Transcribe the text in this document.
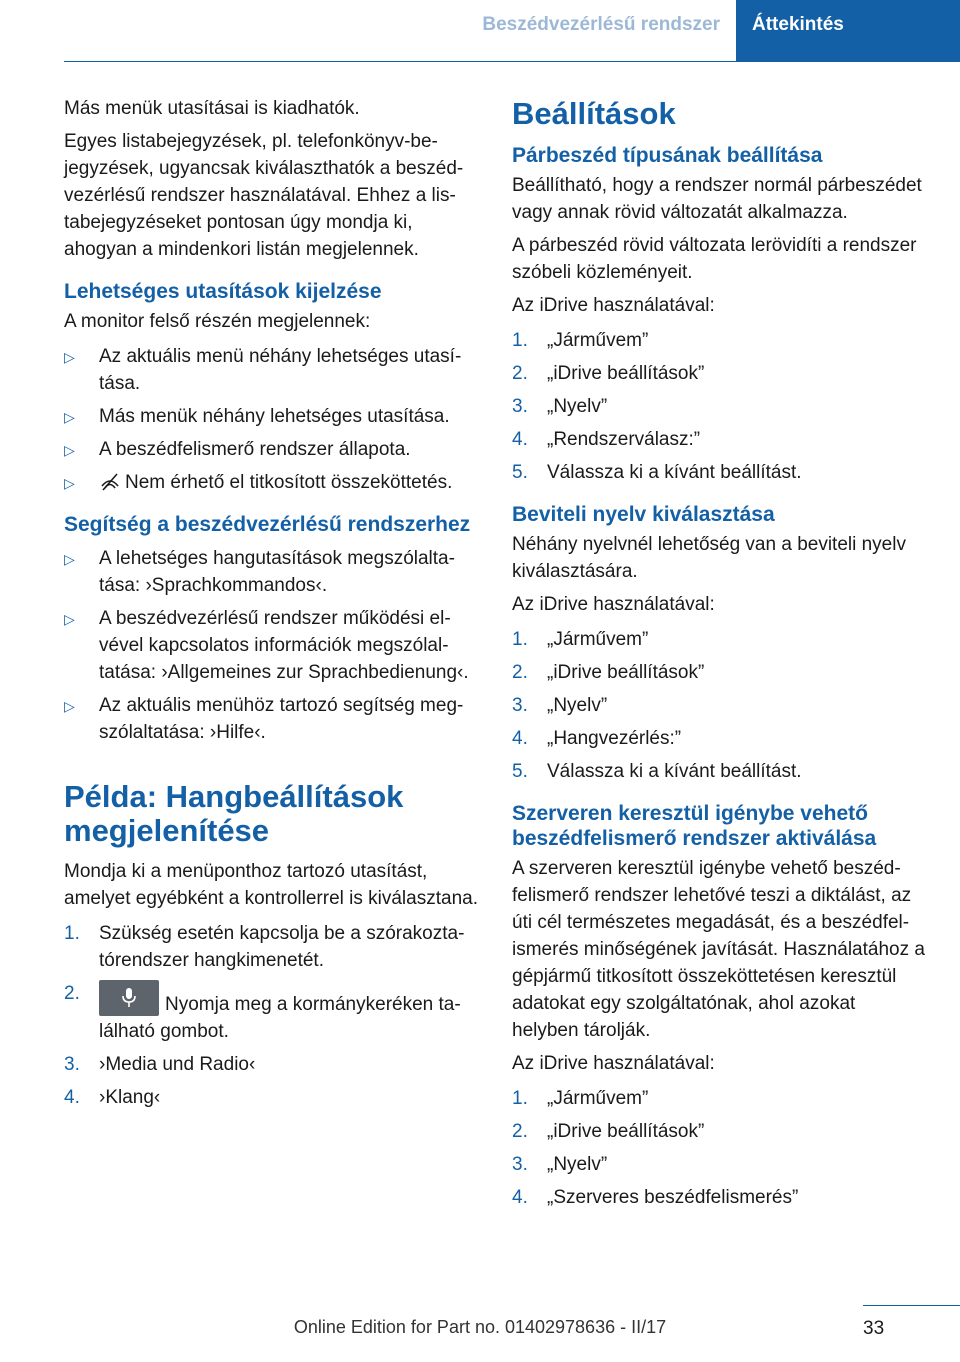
Beszédvezérlésű rendszer	Áttekintés

Más menük utasításai is kiadhatók.

Egyes listabejegyzések, pl. telefonkönyv-bejegyzések, ugyancsak kiválaszthatók a beszédvezérlésű rendszer használatával. Ehhez a listabejegyzéseket pontosan úgy mondja ki, ahogyan a mindenkori listán megjelennek.

Lehetséges utasítások kijelzése

A monitor felső részén megjelennek:

▷ Az aktuális menü néhány lehetséges utasítása.
▷ Más menük néhány lehetséges utasítása.
▷ A beszédfelismerő rendszer állapota.
▷	Nem érhető el titkosított összeköttetés.
Segítség a beszédvezérlésű rendszerhez
▷ A lehetséges hangutasítások megszólaltatása: ›Sprachkommandos‹.
▷ A beszédvezérlésű rendszer működési elvével kapcsolatos információk megszólaltatása: ›Allgemeines zur Sprachbedienung‹.
▷ Az aktuális menühöz tartozó segítség megszólaltatása: ›Hilfe‹.
Példa: Hangbeállítások megjelenítése

Mondja ki a menüponthoz tartozó utasítást, amelyet egyébként a kontrollerrel is kiválasztana.

1. Szükség esetén kapcsolja be a szórakoztatórendszer hangkimenetét.
2.
Nyomja meg a kormánykeréken található gombot.
3. ›Media und Radio‹
4. ›Klang‹
Beállítások
Párbeszéd típusának beállítása

Beállítható, hogy a rendszer normál párbeszédet vagy annak rövid változatát alkalmazza.

A párbeszéd rövid változata lerövidíti a rendszer szóbeli közleményeit.

Az iDrive használatával:

1. „Járművem”
2. „iDrive beállítások”
3. „Nyelv”
4. „Rendszerválasz:”
5. Válassza ki a kívánt beállítást.
Beviteli nyelv kiválasztása

Néhány nyelvnél lehetőség van a beviteli nyelv kiválasztására.

Az iDrive használatával:

1. „Járművem”
2. „iDrive beállítások”
3. „Nyelv”
4. „Hangvezérlés:”
5. Válassza ki a kívánt beállítást.
Szerveren keresztül igénybe vehető beszédfelismerő rendszer aktiválása

A szerveren keresztül igénybe vehető beszédfelismerő rendszer lehetővé teszi a diktálást, az úti cél természetes megadását, és a beszédfelismerés minőségének javítását. Használatához a gépjármű titkosított összeköttetésen keresztül adatokat egy szolgáltatónak, ahol azokat helyben tárolják.

Az iDrive használatával:

1. „Járművem”
2. „iDrive beállítások”
3. „Nyelv”
4. „Szerveres beszédfelismerés”
33
Online Edition for Part no. 01402978636 - II/17
